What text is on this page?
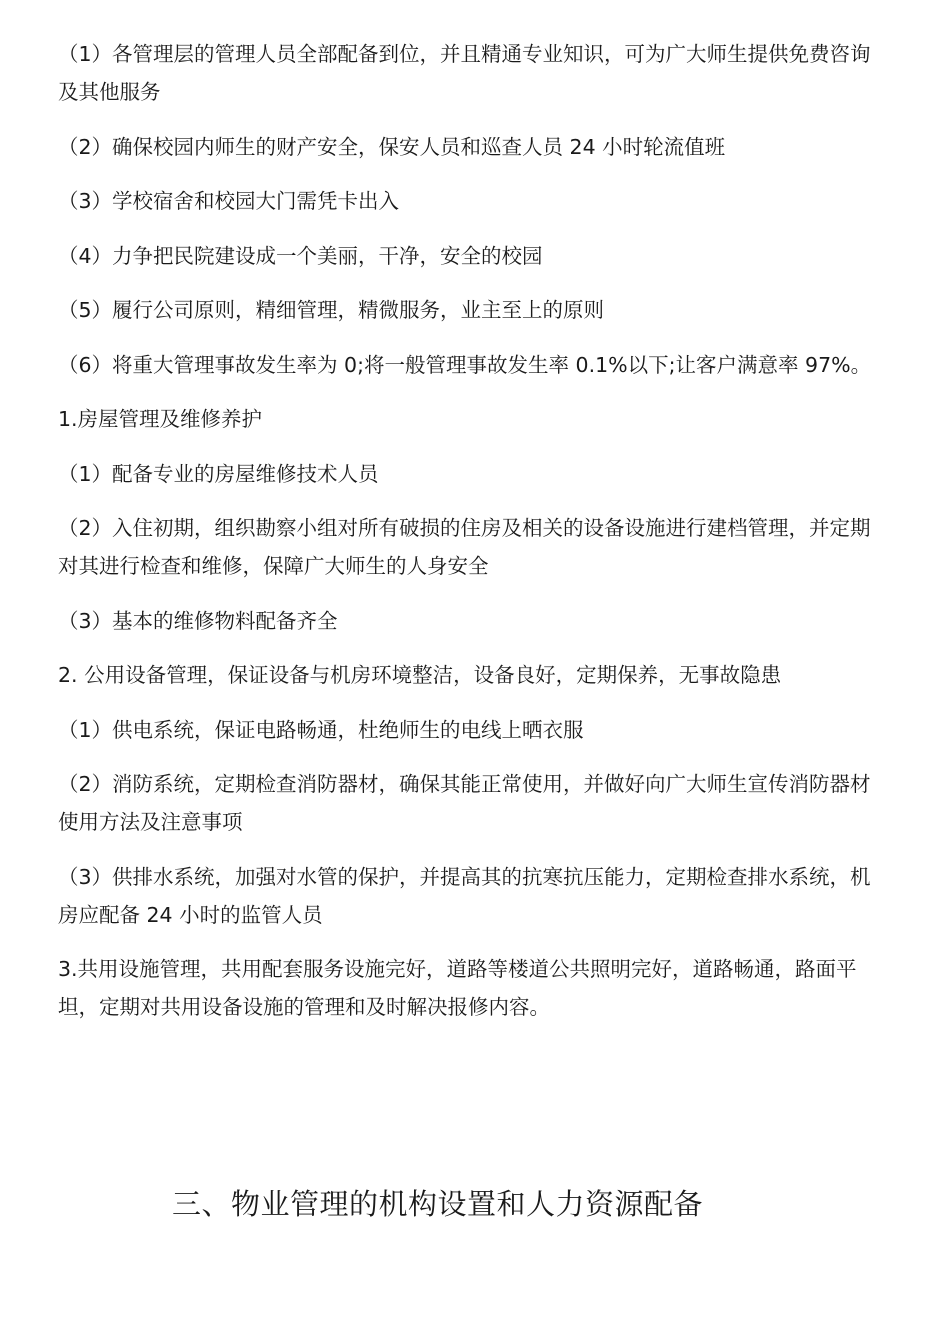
（1）各管理层的管理人员全部配备到位，并且精通专业知识，可为广大师生提供免费咨询及其他服务

（2）确保校园内师生的财产安全，保安人员和巡查人员 24 小时轮流值班

（3）学校宿舍和校园大门需凭卡出入

（4）力争把民院建设成一个美丽，干净，安全的校园

（5）履行公司原则，精细管理，精微服务，业主至上的原则

（6）将重大管理事故发生率为 0;将一般管理事故发生率 0.1%以下;让客户满意率 97%。

1.房屋管理及维修养护

（1）配备专业的房屋维修技术人员

（2）入住初期，组织勘察小组对所有破损的住房及相关的设备设施进行建档管理，并定期对其进行检查和维修，保障广大师生的人身安全

（3）基本的维修物料配备齐全

2. 公用设备管理，保证设备与机房环境整洁，设备良好，定期保养，无事故隐患

（1）供电系统，保证电路畅通，杜绝师生的电线上晒衣服

（2）消防系统，定期检查消防器材，确保其能正常使用，并做好向广大师生宣传消防器材使用方法及注意事项

（3）供排水系统，加强对水管的保护，并提高其的抗寒抗压能力，定期检查排水系统，机房应配备 24 小时的监管人员

3.共用设施管理，共用配套服务设施完好，道路等楼道公共照明完好，道路畅通，路面平坦，定期对共用设备设施的管理和及时解决报修内容。

三、物业管理的机构设置和人力资源配备
